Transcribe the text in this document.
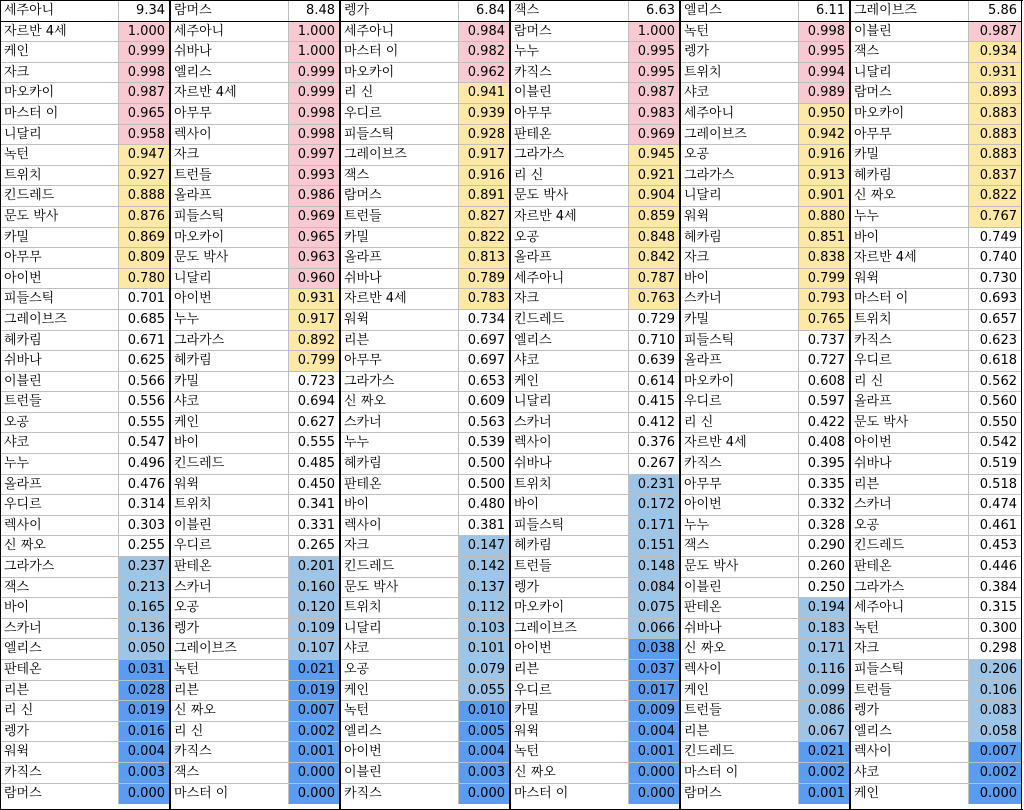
세주아니	9.34
자르반 4세	1.000
케인	0.999
자크	0.998
마오카이	0.987
마스터 이	0.965
니달리	0.958
녹턴	0.947
트위치	0.927
킨드레드	0.888
문도 박사	0.876
카밀	0.869
아무무	0.809
아이번	0.780
피들스틱	0.701
그레이브즈	0.685
헤카림	0.671
쉬바나	0.625
이블린	0.566
트런들	0.556
오공	0.555
샤코	0.547
누누	0.496
올라프	0.476
우디르	0.314
렉사이	0.303
신 짜오	0.255
그라가스	0.237
잭스	0.213
바이	0.165
스카너	0.136
엘리스	0.050
판테온	0.031
리븐	0.028
리 신	0.019
렝가	0.016
워윅	0.004
카직스	0.003
람머스	0.000
람머스	8.48
세주아니	1.000
쉬바나	1.000
엘리스	0.999
자르반 4세	0.999
아무무	0.998
렉사이	0.998
자크	0.997
트런들	0.993
올라프	0.986
피들스틱	0.969
마오카이	0.965
문도 박사	0.963
니달리	0.960
아이번	0.931
누누	0.917
그라가스	0.892
헤카림	0.799
카밀	0.723
샤코	0.694
케인	0.627
바이	0.555
킨드레드	0.485
워윅	0.450
트위치	0.341
이블린	0.331
우디르	0.265
판테온	0.201
스카너	0.160
오공	0.120
렝가	0.109
그레이브즈	0.107
녹턴	0.021
리븐	0.019
신 짜오	0.007
리 신	0.002
카직스	0.001
잭스	0.000
마스터 이	0.000
렝가	6.84
세주아니	0.984
마스터 이	0.982
마오카이	0.962
리 신	0.941
우디르	0.939
피들스틱	0.928
그레이브즈	0.917
잭스	0.916
람머스	0.891
트런들	0.827
카밀	0.822
올라프	0.813
쉬바나	0.789
자르반 4세	0.783
워윅	0.734
리븐	0.697
아무무	0.697
그라가스	0.653
신 짜오	0.609
스카너	0.563
누누	0.539
헤카림	0.500
판테온	0.500
바이	0.480
렉사이	0.381
자크	0.147
킨드레드	0.142
문도 박사	0.137
트위치	0.112
니달리	0.103
샤코	0.101
오공	0.079
케인	0.055
녹턴	0.010
엘리스	0.005
아이번	0.004
이블린	0.003
카직스	0.000
잭스	6.63
람머스	1.000
누누	0.995
카직스	0.995
이블린	0.987
아무무	0.983
판테온	0.969
그라가스	0.945
리 신	0.921
문도 박사	0.904
자르반 4세	0.859
오공	0.848
올라프	0.842
세주아니	0.787
자크	0.763
킨드레드	0.729
엘리스	0.710
샤코	0.639
케인	0.614
니달리	0.415
스카너	0.412
렉사이	0.376
쉬바나	0.267
트위치	0.231
바이	0.172
피들스틱	0.171
헤카림	0.151
트런들	0.148
렝가	0.084
마오카이	0.075
그레이브즈	0.066
아이번	0.038
리븐	0.037
우디르	0.017
카밀	0.009
워윅	0.004
녹턴	0.001
신 짜오	0.000
마스터 이	0.000
엘리스	6.11
녹턴	0.998
렝가	0.995
트위치	0.994
샤코	0.989
세주아니	0.950
그레이브즈	0.942
오공	0.916
그라가스	0.913
니달리	0.901
워윅	0.880
헤카림	0.851
자크	0.838
바이	0.799
스카너	0.793
카밀	0.765
피들스틱	0.737
올라프	0.727
마오카이	0.608
우디르	0.597
리 신	0.422
자르반 4세	0.408
카직스	0.395
아무무	0.335
아이번	0.332
누누	0.328
잭스	0.290
문도 박사	0.260
이블린	0.250
판테온	0.194
쉬바나	0.183
신 짜오	0.171
렉사이	0.116
케인	0.099
트런들	0.086
리븐	0.067
킨드레드	0.021
마스터 이	0.002
람머스	0.001
그레이브즈	5.86
이블린	0.987
잭스	0.934
니달리	0.931
람머스	0.893
마오카이	0.883
아무무	0.883
카밀	0.883
헤카림	0.837
신 짜오	0.822
누누	0.767
바이	0.749
자르반 4세	0.740
워윅	0.730
마스터 이	0.693
트위치	0.657
카직스	0.623
우디르	0.618
리 신	0.562
올라프	0.560
문도 박사	0.550
아이번	0.542
쉬바나	0.519
리븐	0.518
스카너	0.474
오공	0.461
킨드레드	0.453
판테온	0.446
그라가스	0.384
세주아니	0.315
녹턴	0.300
자크	0.298
피들스틱	0.206
트런들	0.106
렝가	0.083
엘리스	0.058
렉사이	0.007
샤코	0.002
케인	0.000
